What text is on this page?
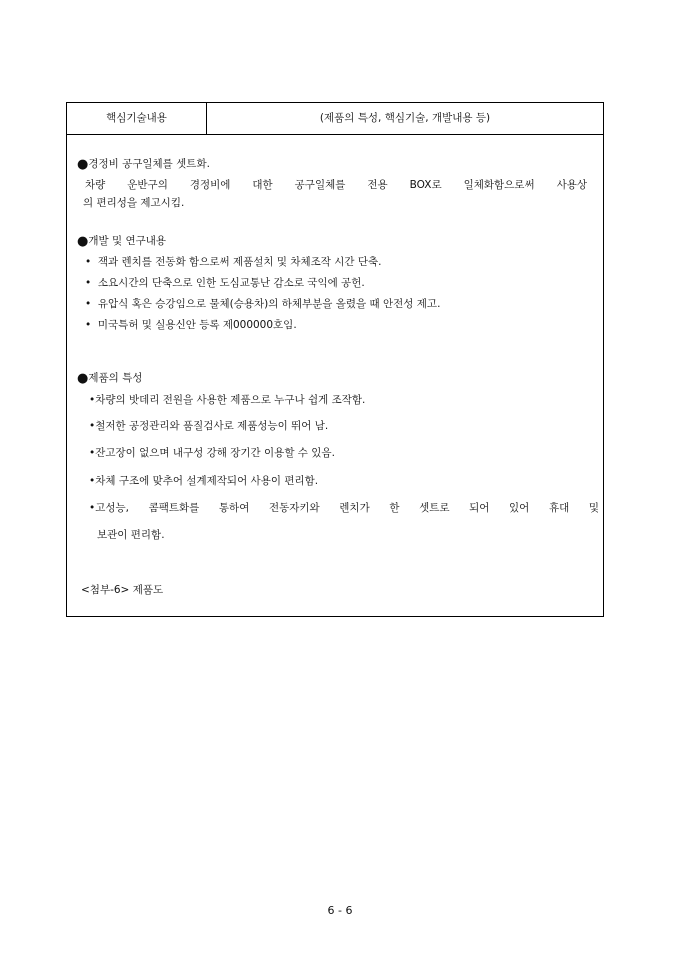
핵심기술내용	(제품의 특성, 핵심기술, 개발내용 등)
●경정비 공구일체를 셋트화.
차량 운반구의 경정비에 대한 공구일체를 전용 BOX로 일체화함으로써 사용상
의 편리성을 제고시킴.
●개발 및 연구내용
• 잭과 렌치를 전동화 함으로써 제품설치 및 차체조작 시간 단축.
• 소요시간의 단축으로 인한 도심교통난 감소로 국익에 공헌.
• 유압식 혹은 승강임으로 물체(승용차)의 하체부분을 올렸을 때 안전성 제고.
• 미국특허 및 실용신안 등록 제000000호임.
●제품의 특성
•차량의 밧데리 전원을 사용한 제품으로 누구나 쉽게 조작함.
•철저한 공정관리와 품질검사로 제품성능이 뛰어 남.
•잔고장이 없으며 내구성 강해 장기간 이용할 수 있음.
•차체 구조에 맞추어 설계제작되어 사용이 편리함.
•고성능, 콤팩트화를 통하여 전동자키와 렌치가 한 셋트로 되어 있어 휴대 및
보관이 편리함.
<첨부-6> 제품도
6 - 6
